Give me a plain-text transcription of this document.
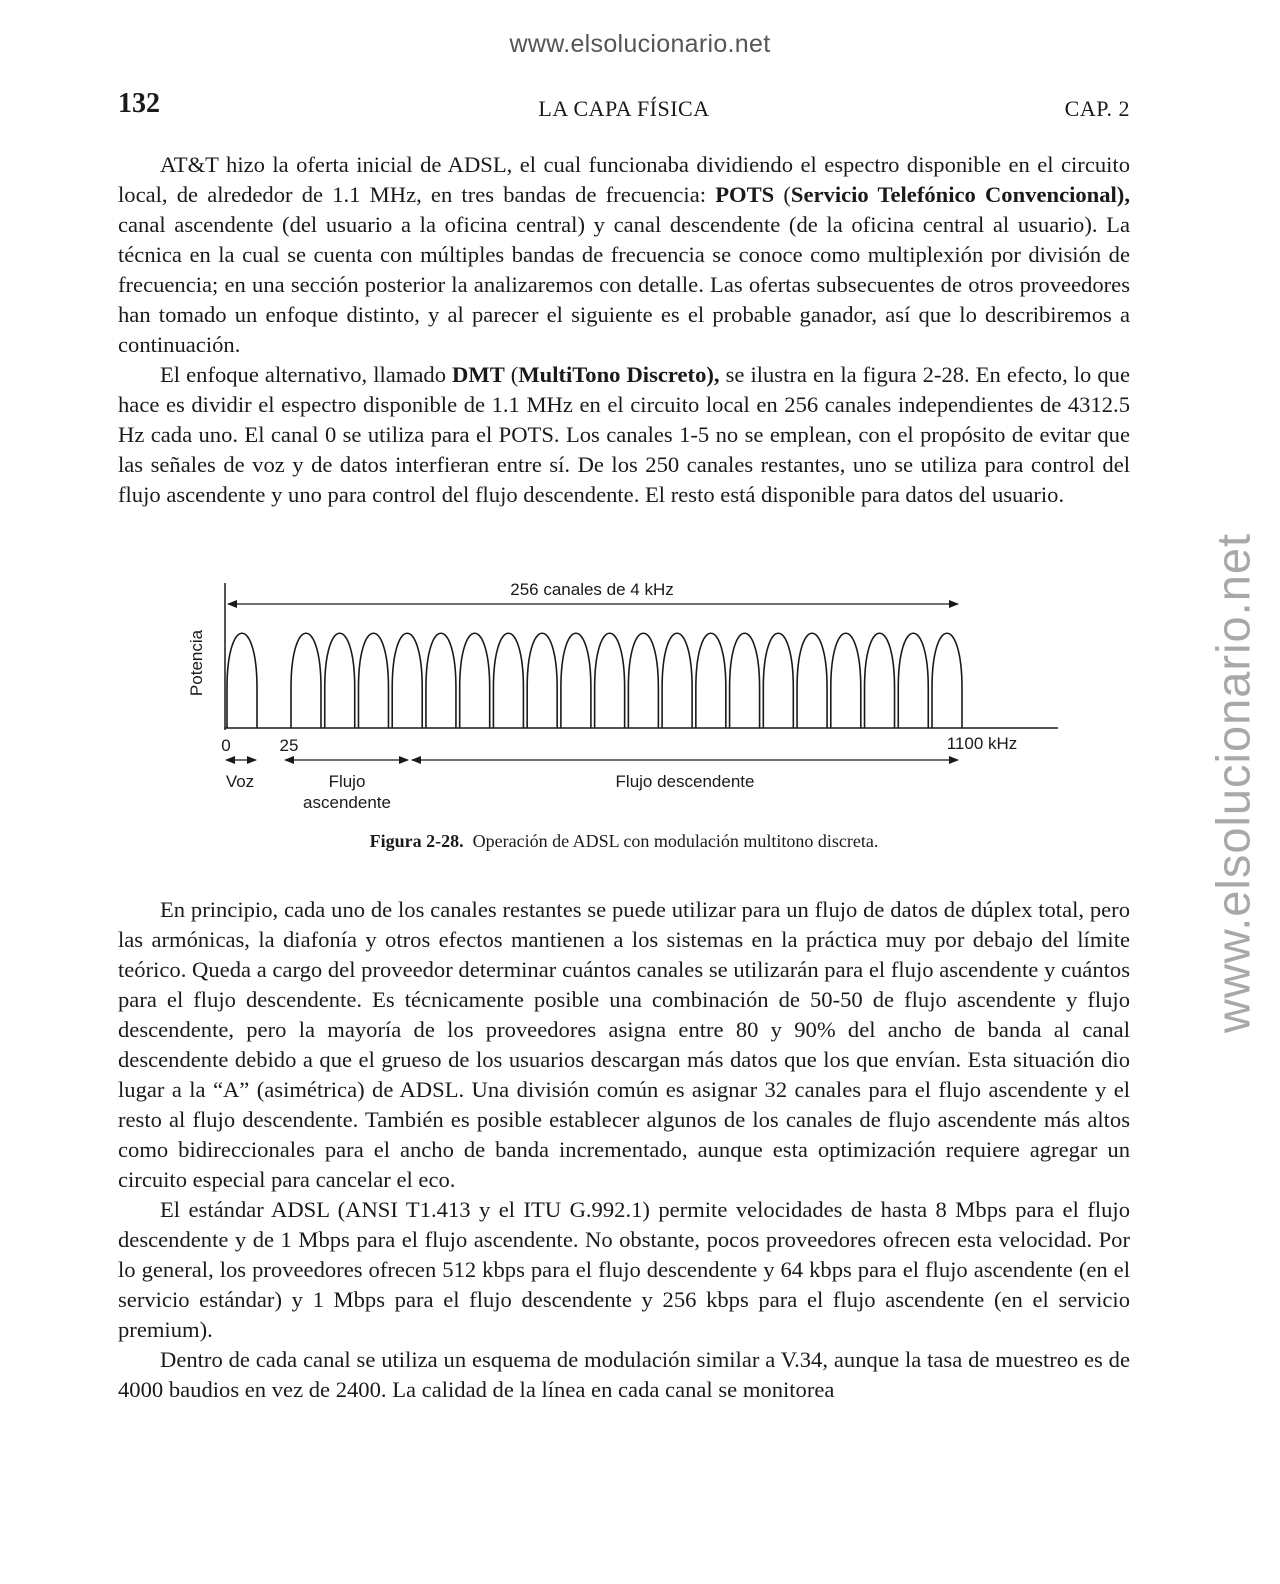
www.elsolucionario.net
www.elsolucionario.net
132	LA CAPA FÍSICA	CAP. 2

AT&T hizo la oferta inicial de ADSL, el cual funcionaba dividiendo el espectro disponible en el circuito local, de alrededor de 1.1 MHz, en tres bandas de frecuencia: POTS (Servicio Telefónico Convencional), canal ascendente (del usuario a la oficina central) y canal descendente (de la oficina central al usuario). La técnica en la cual se cuenta con múltiples bandas de frecuencia se conoce como multiplexión por división de frecuencia; en una sección posterior la analizaremos con detalle. Las ofertas subsecuentes de otros proveedores han tomado un enfoque distinto, y al parecer el siguiente es el probable ganador, así que lo describiremos a continuación.

El enfoque alternativo, llamado DMT (MultiTono Discreto), se ilustra en la figura 2-28. En efecto, lo que hace es dividir el espectro disponible de 1.1 MHz en el circuito local en 256 canales independientes de 4312.5 Hz cada uno. El canal 0 se utiliza para el POTS. Los canales 1-5 no se emplean, con el propósito de evitar que las señales de voz y de datos interfieran entre sí. De los 250 canales restantes, uno se utiliza para control del flujo ascendente y uno para control del flujo descendente. El resto está disponible para datos del usuario.

256 canales de 4 kHz
Potencia
0	25	1100 kHz
Voz	Flujo
ascendente
Flujo descendente
Figura 2-28. Operación de ADSL con modulación multitono discreta.

En principio, cada uno de los canales restantes se puede utilizar para un flujo de datos de dúplex total, pero las armónicas, la diafonía y otros efectos mantienen a los sistemas en la práctica muy por debajo del límite teórico. Queda a cargo del proveedor determinar cuántos canales se utilizarán para el flujo ascendente y cuántos para el flujo descendente. Es técnicamente posible una combinación de 50-50 de flujo ascendente y flujo descendente, pero la mayoría de los proveedores asigna entre 80 y 90% del ancho de banda al canal descendente debido a que el grueso de los usuarios descargan más datos que los que envían. Esta situación dio lugar a la “A” (asimétrica) de ADSL. Una división común es asignar 32 canales para el flujo ascendente y el resto al flujo descendente. También es posible establecer algunos de los canales de flujo ascendente más altos como bidireccionales para el ancho de banda incrementado, aunque esta optimización requiere agregar un circuito especial para cancelar el eco.

El estándar ADSL (ANSI T1.413 y el ITU G.992.1) permite velocidades de hasta 8 Mbps para el flujo descendente y de 1 Mbps para el flujo ascendente. No obstante, pocos proveedores ofrecen esta velocidad. Por lo general, los proveedores ofrecen 512 kbps para el flujo descendente y 64 kbps para el flujo ascendente (en el servicio estándar) y 1 Mbps para el flujo descendente y 256 kbps para el flujo ascendente (en el servicio premium).

Dentro de cada canal se utiliza un esquema de modulación similar a V.34, aunque la tasa de muestreo es de 4000 baudios en vez de 2400. La calidad de la línea en cada canal se monitorea
